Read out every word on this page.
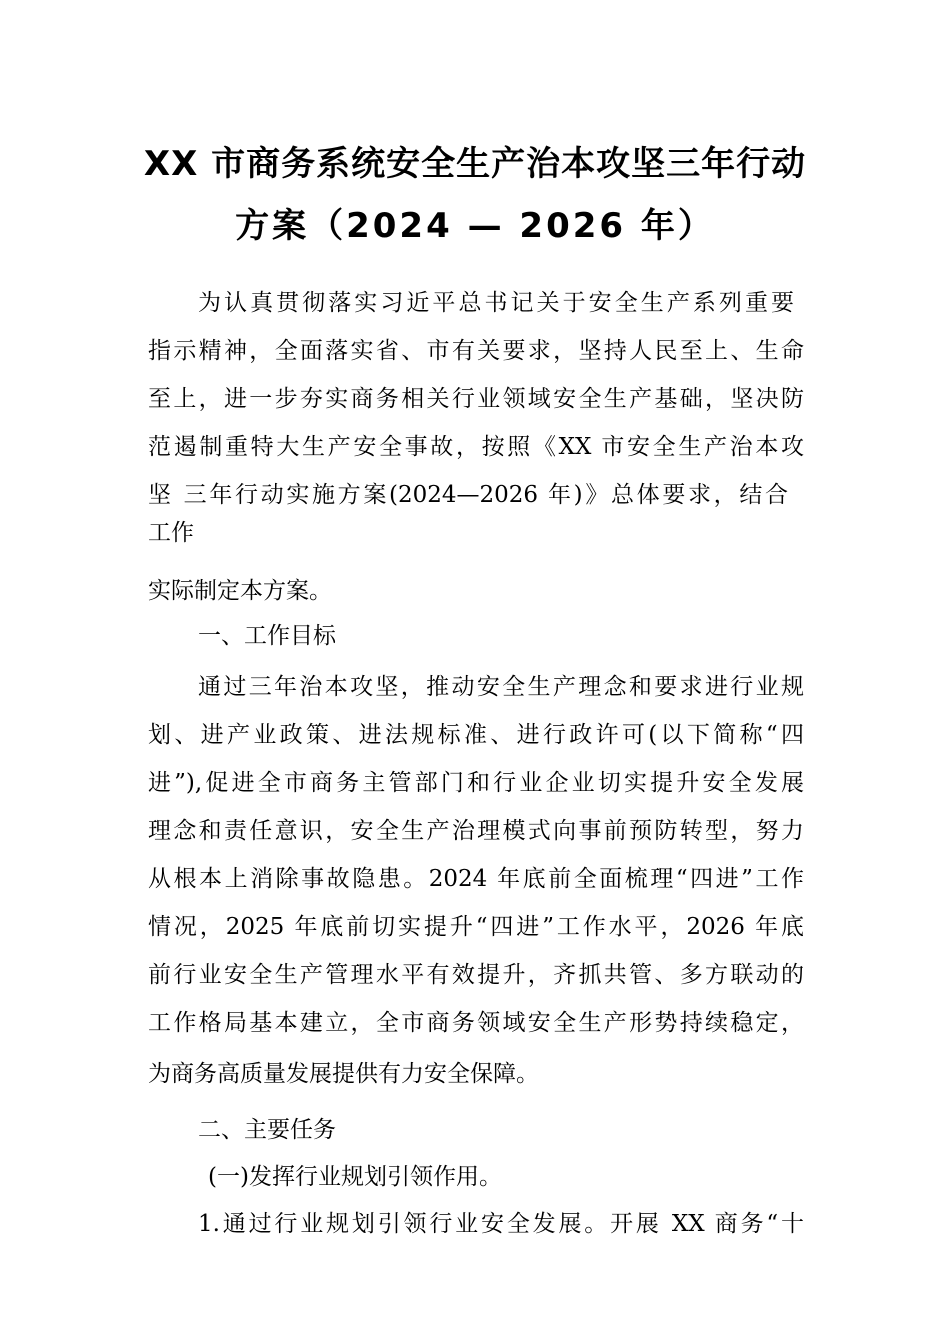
XX 市商务系统安全生产治本攻坚三年行动
方案（2024 — 2026 年）
为认真贯彻落实习近平总书记关于安全生产系列重要
指示精神，全面落实省、市有关要求，坚持人民至上、生命
至上，进一步夯实商务相关行业领域安全生产基础，坚决防
范遏制重特大生产安全事故，按照《XX 市安全生产治本攻
坚 三年行动实施方案(2024—2026 年)》总体要求，结合
工作
实际制定本方案。
一、工作目标
通过三年治本攻坚，推动安全生产理念和要求进行业规
划、进产业政策、进法规标准、进行政许可(以下简称“四
进”),促进全市商务主管部门和行业企业切实提升安全发展
理念和责任意识，安全生产治理模式向事前预防转型，努力
从根本上消除事故隐患。2024 年底前全面梳理“四进”工作
情况，2025 年底前切实提升“四进”工作水平，2026 年底
前行业安全生产管理水平有效提升，齐抓共管、多方联动的
工作格局基本建立，全市商务领域安全生产形势持续稳定，
为商务高质量发展提供有力安全保障。
二、主要任务
(一)发挥行业规划引领作用。
1.通过行业规划引领行业安全发展。开展 XX 商务“十
